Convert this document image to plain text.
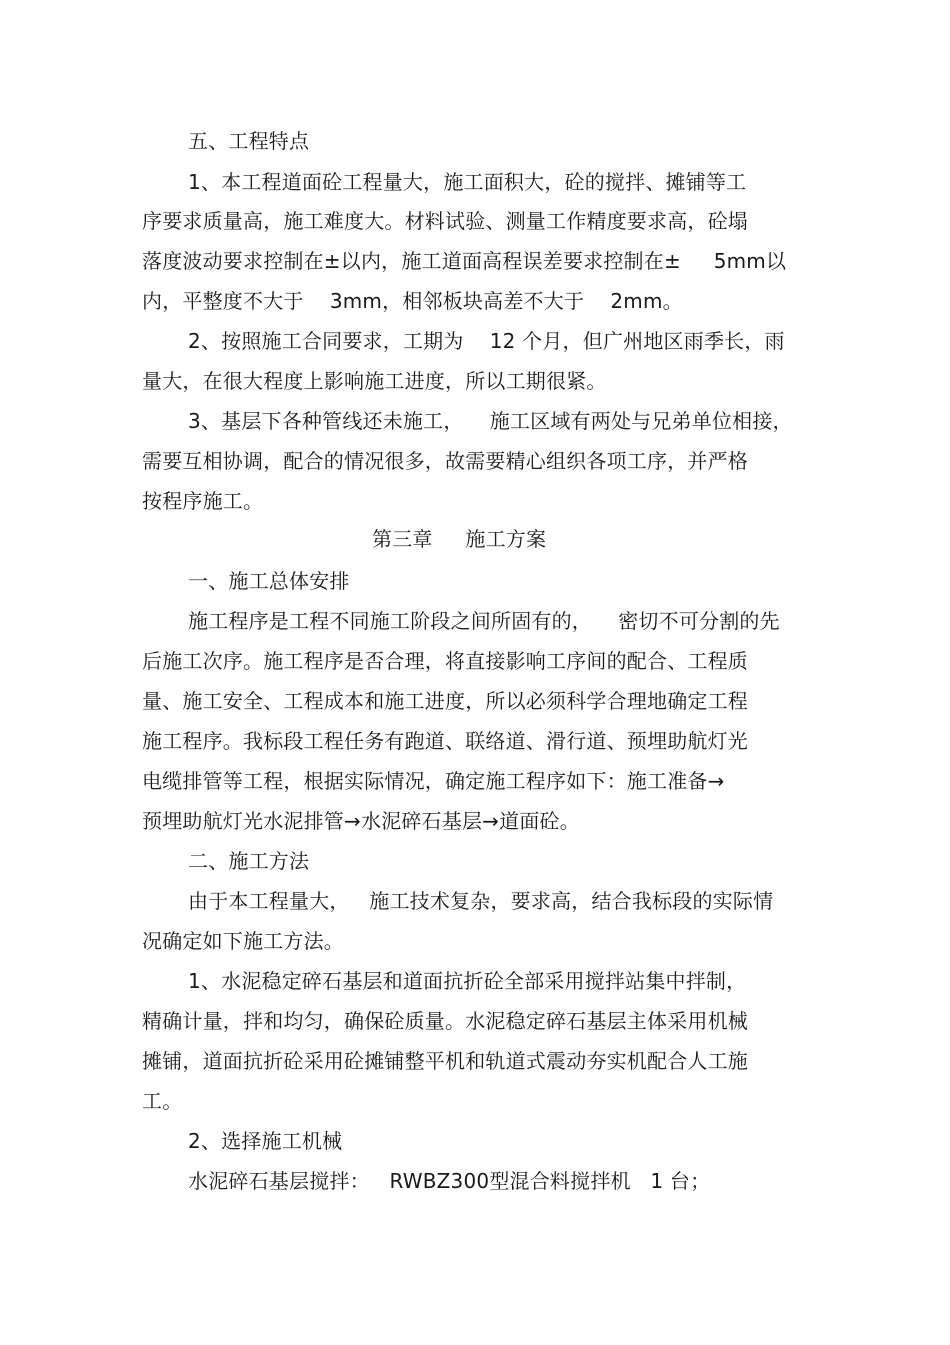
五、工程特点
1、本工程道面砼工程量大，施工面积大，砼的搅拌、摊铺等工
序要求质量高，施工难度大。材料试验、测量工作精度要求高，砼塌
落度波动要求控制在±以内，施工道面高程误差要求控制在±     5mm以
内，平整度不大于    3mm，相邻板块高差不大于    2mm。
2、按照施工合同要求，工期为    12 个月，但广州地区雨季长，雨
量大，在很大程度上影响施工进度，所以工期很紧。
3、基层下各种管线还未施工，    施工区域有两处与兄弟单位相接，
需要互相协调，配合的情况很多，故需要精心组织各项工序，并严格
按程序施工。
第三章     施工方案
一、施工总体安排
施工程序是工程不同施工阶段之间所固有的，    密切不可分割的先
后施工次序。施工程序是否合理，将直接影响工序间的配合、工程质
量、施工安全、工程成本和施工进度，所以必须科学合理地确定工程
施工程序。我标段工程任务有跑道、联络道、滑行道、预埋助航灯光
电缆排管等工程，根据实际情况，确定施工程序如下：施工准备→
预埋助航灯光水泥排管→水泥碎石基层→道面砼。
二、施工方法
由于本工程量大，   施工技术复杂，要求高，结合我标段的实际情
况确定如下施工方法。
1、水泥稳定碎石基层和道面抗折砼全部采用搅拌站集中拌制，
精确计量，拌和均匀，确保砼质量。水泥稳定碎石基层主体采用机械
摊铺，道面抗折砼采用砼摊铺整平机和轨道式震动夯实机配合人工施
工。
2、选择施工机械
水泥碎石基层搅拌：   RWBZ300型混合料搅拌机   1 台；
